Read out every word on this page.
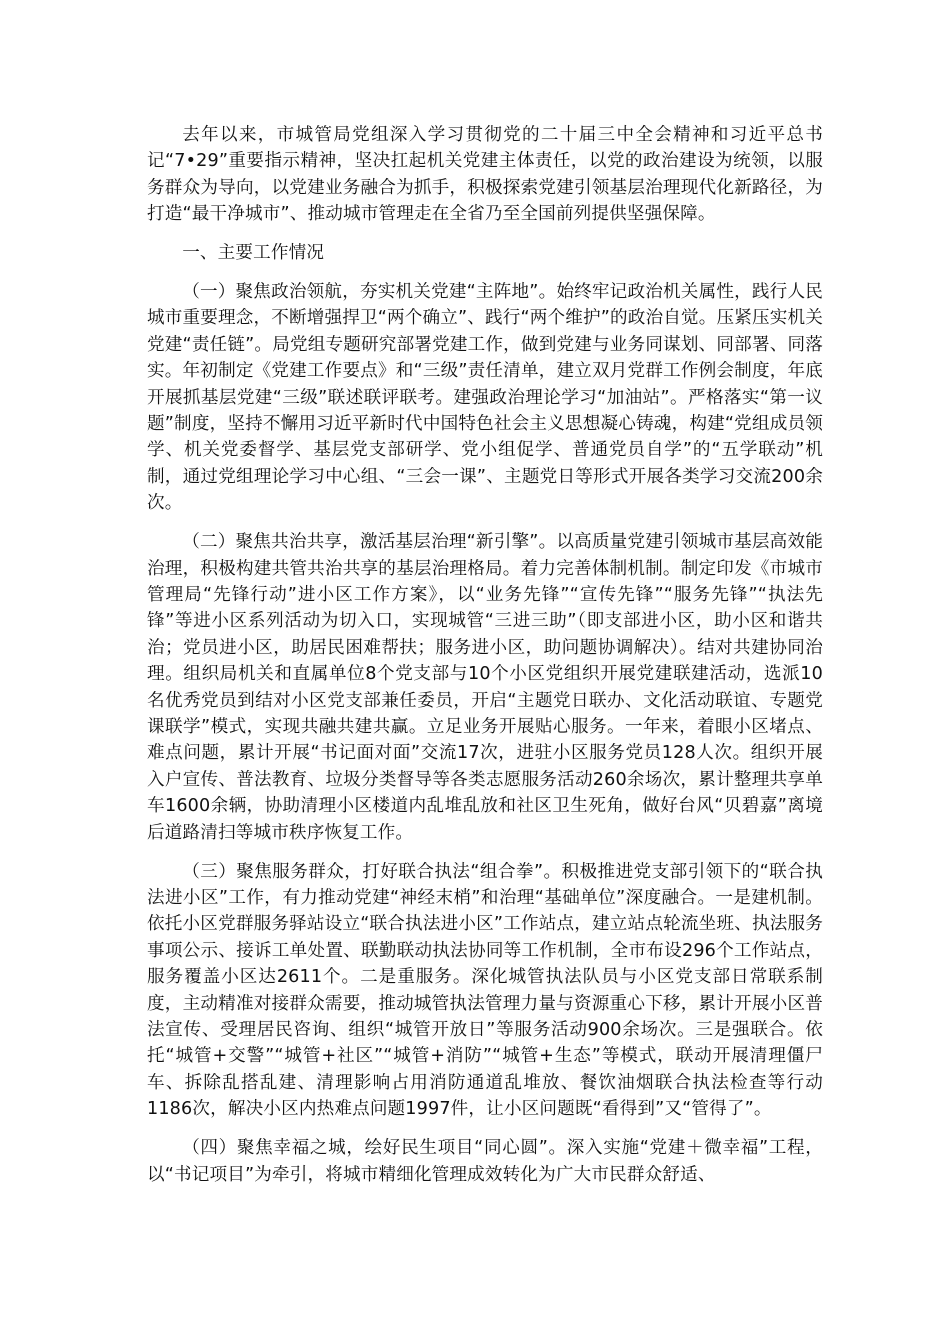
去年以来，市城管局党组深入学习贯彻党的二十届三中全会精神和习近平总书记“7•29”重要指示精神，坚决扛起机关党建主体责任，以党的政治建设为统领，以服务群众为导向，以党建业务融合为抓手，积极探索党建引领基层治理现代化新路径，为打造“最干净城市”、推动城市管理走在全省乃至全国前列提供坚强保障。

一、主要工作情况

（一）聚焦政治领航，夯实机关党建“主阵地”。始终牢记政治机关属性，践行人民城市重要理念，不断增强捍卫“两个确立”、践行“两个维护”的政治自觉。压紧压实机关党建“责任链”。局党组专题研究部署党建工作，做到党建与业务同谋划、同部署、同落实。年初制定《党建工作要点》和“三级”责任清单，建立双月党群工作例会制度，年底开展抓基层党建“三级”联述联评联考。建强政治理论学习“加油站”。严格落实“第一议题”制度，坚持不懈用习近平新时代中国特色社会主义思想凝心铸魂，构建“党组成员领学、机关党委督学、基层党支部研学、党小组促学、普通党员自学”的“五学联动”机制，通过党组理论学习中心组、“三会一课”、主题党日等形式开展各类学习交流200余次。

（二）聚焦共治共享，激活基层治理“新引擎”。以高质量党建引领城市基层高效能治理，积极构建共管共治共享的基层治理格局。着力完善体制机制。制定印发《市城市管理局“先锋行动”进小区工作方案》，以“业务先锋”“宣传先锋”“服务先锋”“执法先锋”等进小区系列活动为切入口，实现城管“三进三助”（即支部进小区，助小区和谐共治；党员进小区，助居民困难帮扶；服务进小区，助问题协调解决）。结对共建协同治理。组织局机关和直属单位8个党支部与10个小区党组织开展党建联建活动，选派10名优秀党员到结对小区党支部兼任委员，开启“主题党日联办、文化活动联谊、专题党课联学”模式，实现共融共建共赢。立足业务开展贴心服务。一年来，着眼小区堵点、难点问题，累计开展“书记面对面”交流17次，进驻小区服务党员128人次。组织开展入户宣传、普法教育、垃圾分类督导等各类志愿服务活动260余场次，累计整理共享单车1600余辆，协助清理小区楼道内乱堆乱放和社区卫生死角，做好台风“贝碧嘉”离境后道路清扫等城市秩序恢复工作。

（三）聚焦服务群众，打好联合执法“组合拳”。积极推进党支部引领下的“联合执法进小区”工作，有力推动党建“神经末梢”和治理“基础单位”深度融合。一是建机制。依托小区党群服务驿站设立“联合执法进小区”工作站点，建立站点轮流坐班、执法服务事项公示、接诉工单处置、联勤联动执法协同等工作机制，全市布设296个工作站点，服务覆盖小区达2611个。二是重服务。深化城管执法队员与小区党支部日常联系制度，主动精准对接群众需要，推动城管执法管理力量与资源重心下移，累计开展小区普法宣传、受理居民咨询、组织“城管开放日”等服务活动900余场次。三是强联合。依托“城管+交警”“城管+社区”“城管+消防”“城管+生态”等模式，联动开展清理僵尸车、拆除乱搭乱建、清理影响占用消防通道乱堆放、餐饮油烟联合执法检查等行动1186次，解决小区内热难点问题1997件，让小区问题既“看得到”又“管得了”。

（四）聚焦幸福之城，绘好民生项目“同心圆”。深入实施“党建＋微幸福”工程，以“书记项目”为牵引，将城市精细化管理成效转化为广大市民群众舒适、
